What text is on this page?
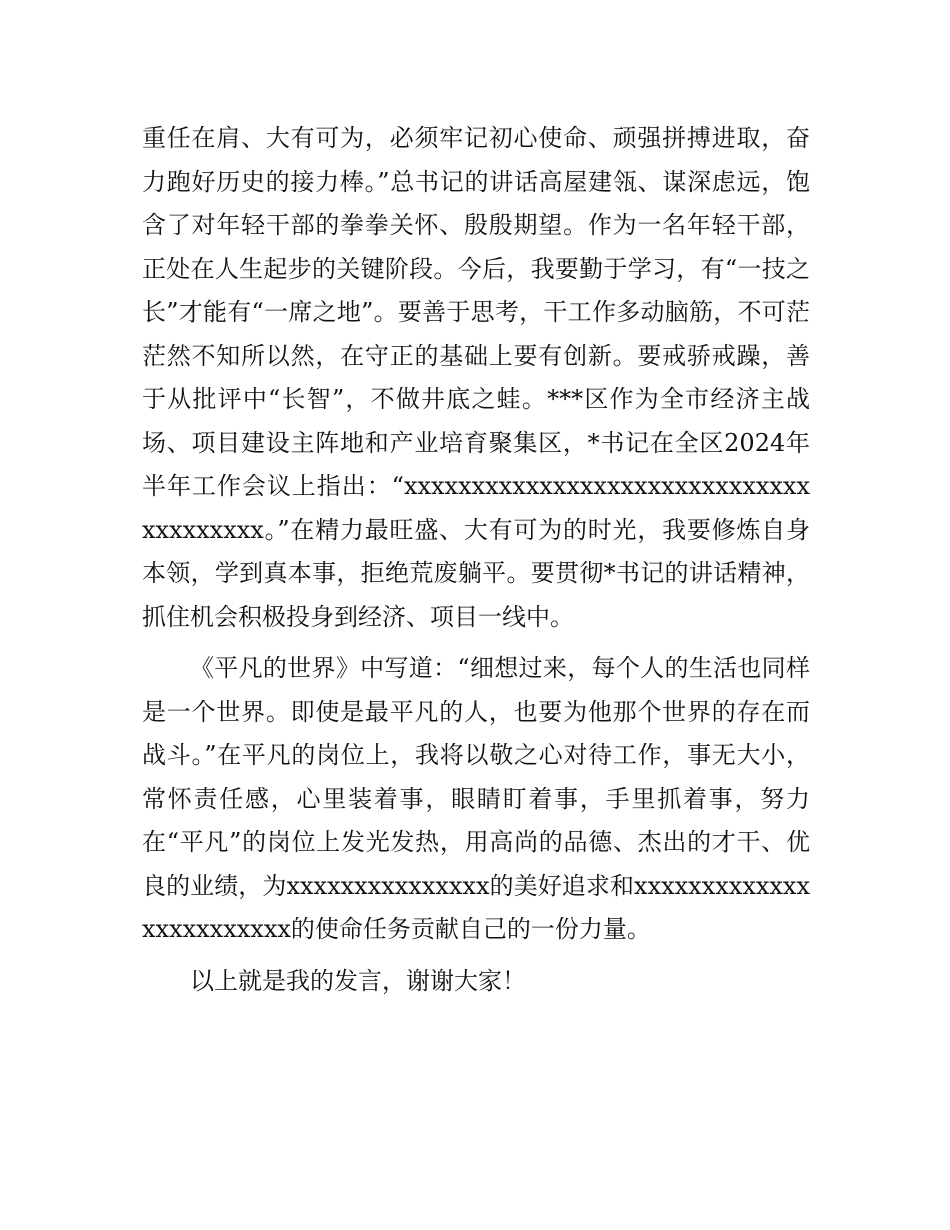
重任在肩、大有可为，必须牢记初心使命、顽强拼搏进取，奋力跑好历史的接力棒。”总书记的讲话高屋建瓴、谋深虑远，饱含了对年轻干部的拳拳关怀、殷殷期望。作为一名年轻干部，正处在人生起步的关键阶段。今后，我要勤于学习，有“一技之长”才能有“一席之地”。要善于思考，干工作多动脑筋，不可茫茫然不知所以然，在守正的基础上要有创新。要戒骄戒躁，善于从批评中“长智”，不做井底之蛙。***区作为全市经济主战场、项目建设主阵地和产业培育聚集区，*书记在全区2024年半年工作会议上指出：“xxxxxxxxxxxxxxxxxxxxxxxxxxxxxxxxxxxxxxx。”在精力最旺盛、大有可为的时光，我要修炼自身本领，学到真本事，拒绝荒废躺平。要贯彻*书记的讲话精神，抓住机会积极投身到经济、项目一线中。

《平凡的世界》中写道：“细想过来，每个人的生活也同样是一个世界。即使是最平凡的人，也要为他那个世界的存在而战斗。”在平凡的岗位上，我将以敬之心对待工作，事无大小，常怀责任感，心里装着事，眼睛盯着事，手里抓着事，努力在“平凡”的岗位上发光发热，用高尚的品德、杰出的才干、优良的业绩，为xxxxxxxxxxxxxxx的美好追求和xxxxxxxxxxxxxxxxxxxxxxxx的使命任务贡献自己的一份力量。

以上就是我的发言，谢谢大家！
